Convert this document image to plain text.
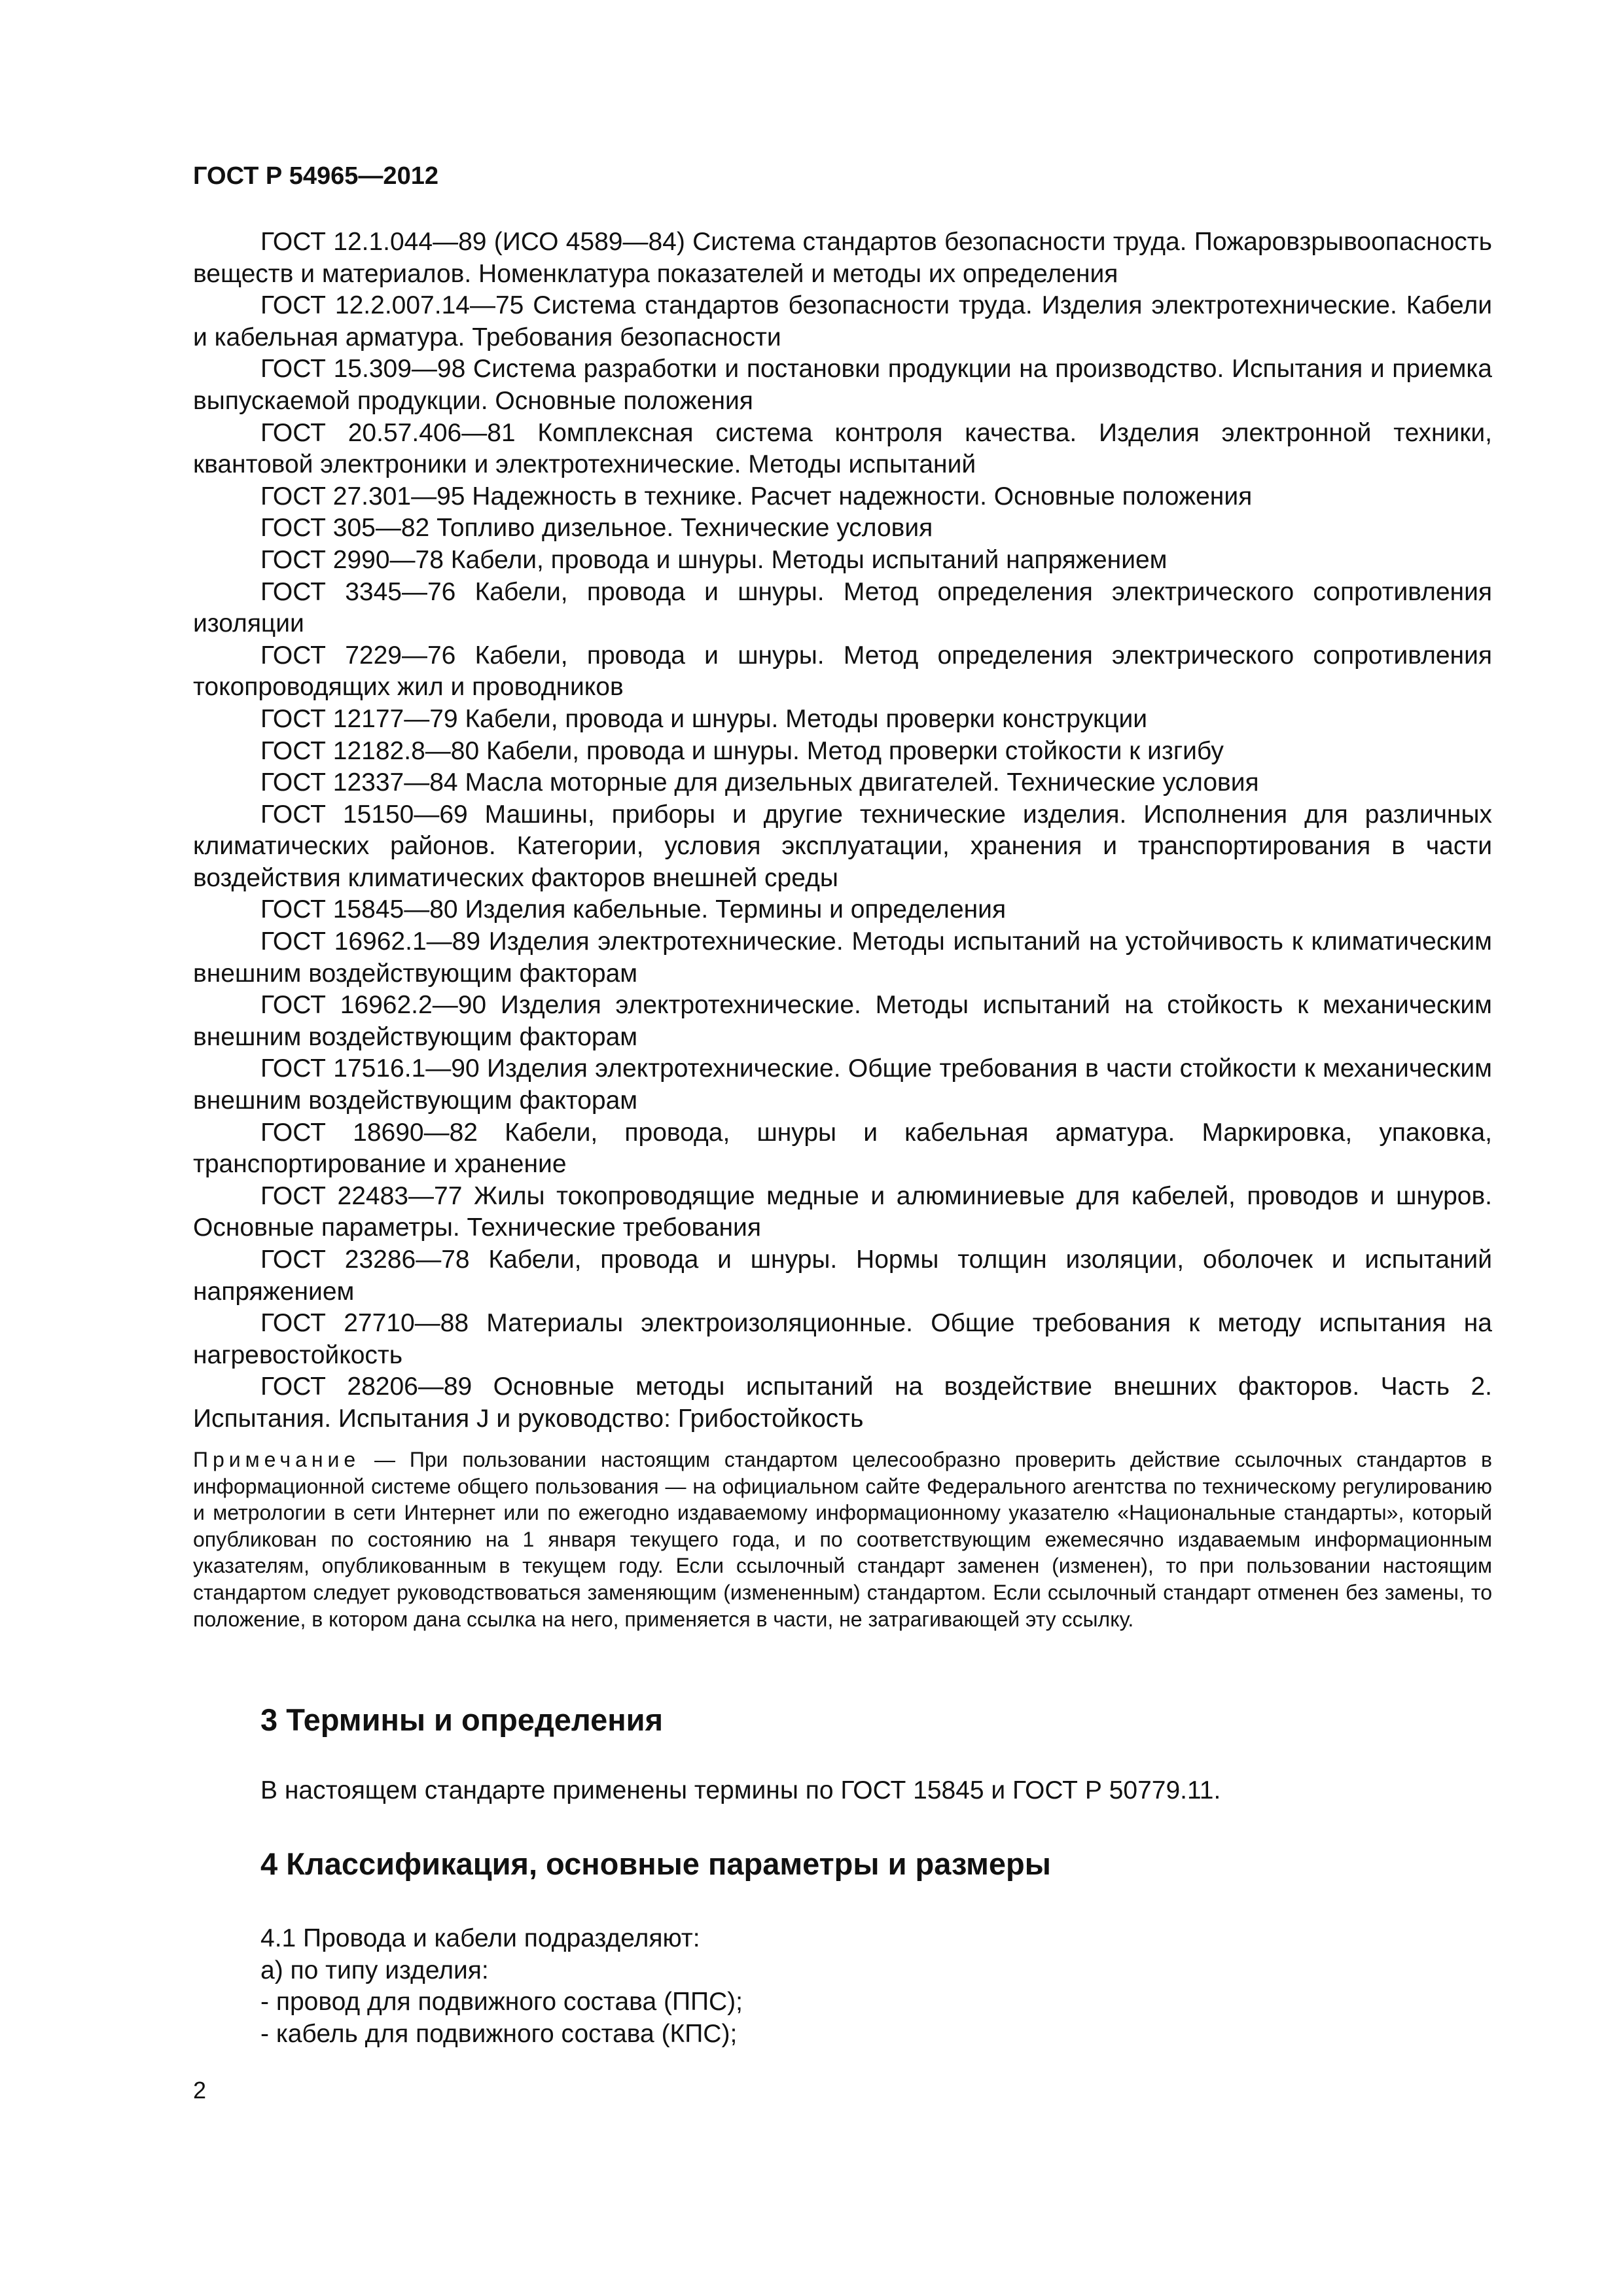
ГОСТ Р 54965—2012

ГОСТ 12.1.044—89 (ИСО 4589—84) Система стандартов безопасности труда. Пожаровзрывоопасность веществ и материалов. Номенклатура показателей и методы их определения

ГОСТ 12.2.007.14—75 Система стандартов безопасности труда. Изделия электротехнические. Кабели и кабельная арматура. Требования безопасности

ГОСТ 15.309—98 Система разработки и постановки продукции на производство. Испытания и приемка выпускаемой продукции. Основные положения

ГОСТ 20.57.406—81 Комплексная система контроля качества. Изделия электронной техники, квантовой электроники и электротехнические. Методы испытаний

ГОСТ 27.301—95 Надежность в технике. Расчет надежности. Основные положения

ГОСТ 305—82 Топливо дизельное. Технические условия

ГОСТ 2990—78 Кабели, провода и шнуры. Методы испытаний напряжением

ГОСТ 3345—76 Кабели, провода и шнуры. Метод определения электрического сопротивления изоляции

ГОСТ 7229—76 Кабели, провода и шнуры. Метод определения электрического сопротивления токопроводящих жил и проводников

ГОСТ 12177—79 Кабели, провода и шнуры. Методы проверки конструкции

ГОСТ 12182.8—80 Кабели, провода и шнуры. Метод проверки стойкости к изгибу

ГОСТ 12337—84 Масла моторные для дизельных двигателей. Технические условия

ГОСТ 15150—69 Машины, приборы и другие технические изделия. Исполнения для различных климатических районов. Категории, условия эксплуатации, хранения и транспортирования в части воздействия климатических факторов внешней среды

ГОСТ 15845—80 Изделия кабельные. Термины и определения

ГОСТ 16962.1—89 Изделия электротехнические. Методы испытаний на устойчивость к климатическим внешним воздействующим факторам

ГОСТ 16962.2—90 Изделия электротехнические. Методы испытаний на стойкость к механическим внешним воздействующим факторам

ГОСТ 17516.1—90 Изделия электротехнические. Общие требования в части стойкости к механическим внешним воздействующим факторам

ГОСТ 18690—82 Кабели, провода, шнуры и кабельная арматура. Маркировка, упаковка, транспортирование и хранение

ГОСТ 22483—77 Жилы токопроводящие медные и алюминиевые для кабелей, проводов и шнуров. Основные параметры. Технические требования

ГОСТ 23286—78 Кабели, провода и шнуры. Нормы толщин изоляции, оболочек и испытаний напряжением

ГОСТ 27710—88 Материалы электроизоляционные. Общие требования к методу испытания на нагревостойкость

ГОСТ 28206—89 Основные методы испытаний на воздействие внешних факторов. Часть 2. Испытания. Испытания J и руководство: Грибостойкость

Примечание — При пользовании настоящим стандартом целесообразно проверить действие ссылочных стандартов в информационной системе общего пользования — на официальном сайте Федерального агентства по техническому регулированию и метрологии в сети Интернет или по ежегодно издаваемому информационному указателю «Национальные стандарты», который опубликован по состоянию на 1 января текущего года, и по соответствующим ежемесячно издаваемым информационным указателям, опубликованным в текущем году. Если ссылочный стандарт заменен (изменен), то при пользовании настоящим стандартом следует руководствоваться заменяющим (измененным) стандартом. Если ссылочный стандарт отменен без замены, то положение, в котором дана ссылка на него, применяется в части, не затрагивающей эту ссылку.
3 Термины и определения
В настоящем стандарте применены термины по ГОСТ 15845 и ГОСТ Р 50779.11.
4 Классификация, основные параметры и размеры
4.1 Провода и кабели подразделяют:
а) по типу изделия:
- провод для подвижного состава (ППС);
- кабель для подвижного состава (КПС);
2
